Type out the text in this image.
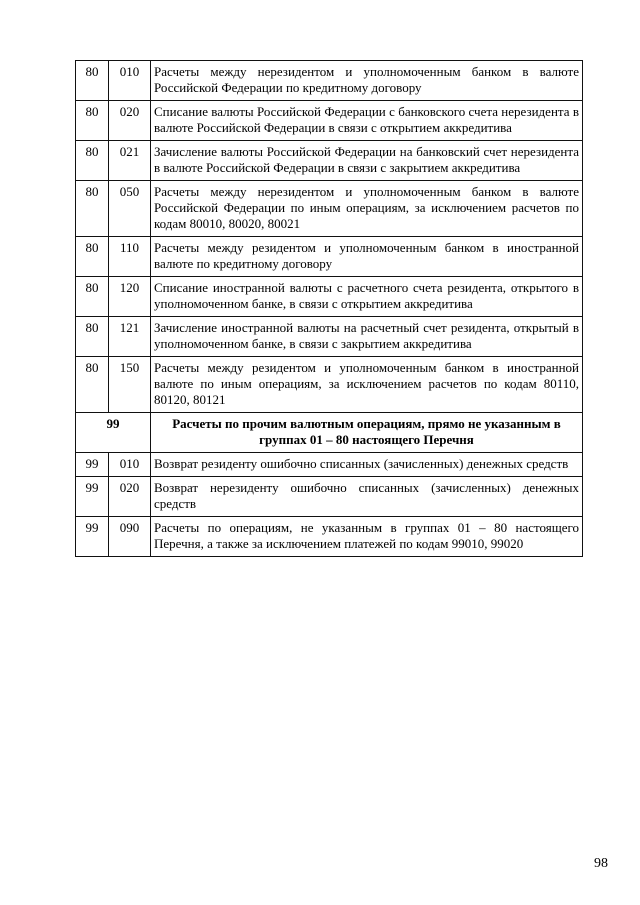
80	010	Расчеты между нерезидентом и уполномоченным банком в валюте Российской Федерации по кредитному договору
80	020	Списание валюты Российской Федерации с банковского счета нерезидента в валюте Российской Федерации в связи с открытием аккредитива
80	021	Зачисление валюты Российской Федерации на банковский счет нерезидента в валюте Российской Федерации в связи с закрытием аккредитива
80	050	Расчеты между нерезидентом и уполномоченным банком в валюте Российской Федерации по иным операциям, за исключением расчетов по кодам 80010, 80020, 80021
80	110	Расчеты между резидентом и уполномоченным банком в иностранной валюте по кредитному договору
80	120	Списание иностранной валюты с расчетного счета резидента, открытого в уполномоченном банке, в связи с открытием аккредитива
80	121	Зачисление иностранной валюты на расчетный счет резидента, открытый в уполномоченном банке, в связи с закрытием аккредитива
80	150	Расчеты между резидентом и уполномоченным банком в иностранной валюте по иным операциям, за исключением расчетов по кодам 80110, 80120, 80121
99		Расчеты по прочим валютным операциям, прямо не указанным в группах 01 – 80 настоящего Перечня
99	010	Возврат резиденту ошибочно списанных (зачисленных) денежных средств
99	020	Возврат нерезиденту ошибочно списанных (зачисленных) денежных средств
99	090	Расчеты по операциям, не указанным в группах 01 – 80 настоящего Перечня, а также за исключением платежей по кодам 99010, 99020
98
